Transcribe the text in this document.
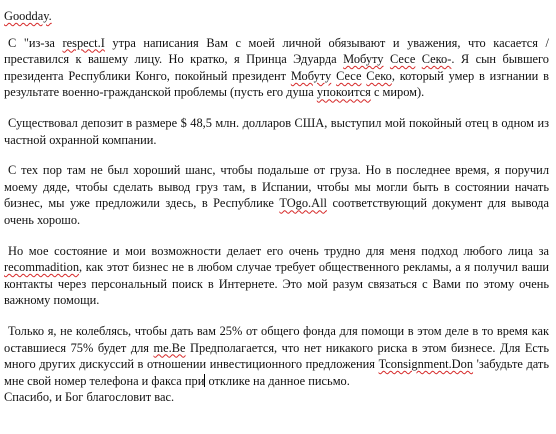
Goodday.

С "из-за respect.I утра написания Вам с моей личной обязывают и уважения, что касается / преставился к вашему лицу. Но кратко, я Принца Эдуарда Мобуту Сесе Секо-. Я сын бывшего президента Республики Конго, покойный президент Мобуту Сесе Секо, который умер в изгнании в результате военно-гражданской проблемы (пусть его душа упокоится с миром).

Существовал депозит в размере $ 48,5 млн. долларов США, выступил мой покойный отец в одном из частной охранной компании.

С тех пор там не был хороший шанс, чтобы подальше от груза. Но в последнее время, я поручил моему дяде, чтобы сделать вывод груз там, в Испании, чтобы мы могли быть в состоянии начать бизнес, мы уже предложили здесь, в Республике TOgo.All соответствующий документ для вывода очень хорошо.

Но мое состояние и мои возможности делает его очень трудно для меня подход любого лица за recommadition, как этот бизнес не в любом случае требует общественного рекламы, а я получил ваши контакты через персональный поиск в Интернете. Это мой разум связаться с Вами по этому очень важному помощи.

Только я, не колеблясь, чтобы дать вам 25% от общего фонда для помощи в этом деле в то время как оставшиеся 75% будет для me.Be Предполагается, что нет никакого риска в этом бизнесе. Для Есть много других дискуссий в отношении инвестиционного предложения Tconsignment.Don 'забудьте дать мне свой номер телефона и факса при отклике на данное письмо.

Спасибо, и Бог благословит вас.
